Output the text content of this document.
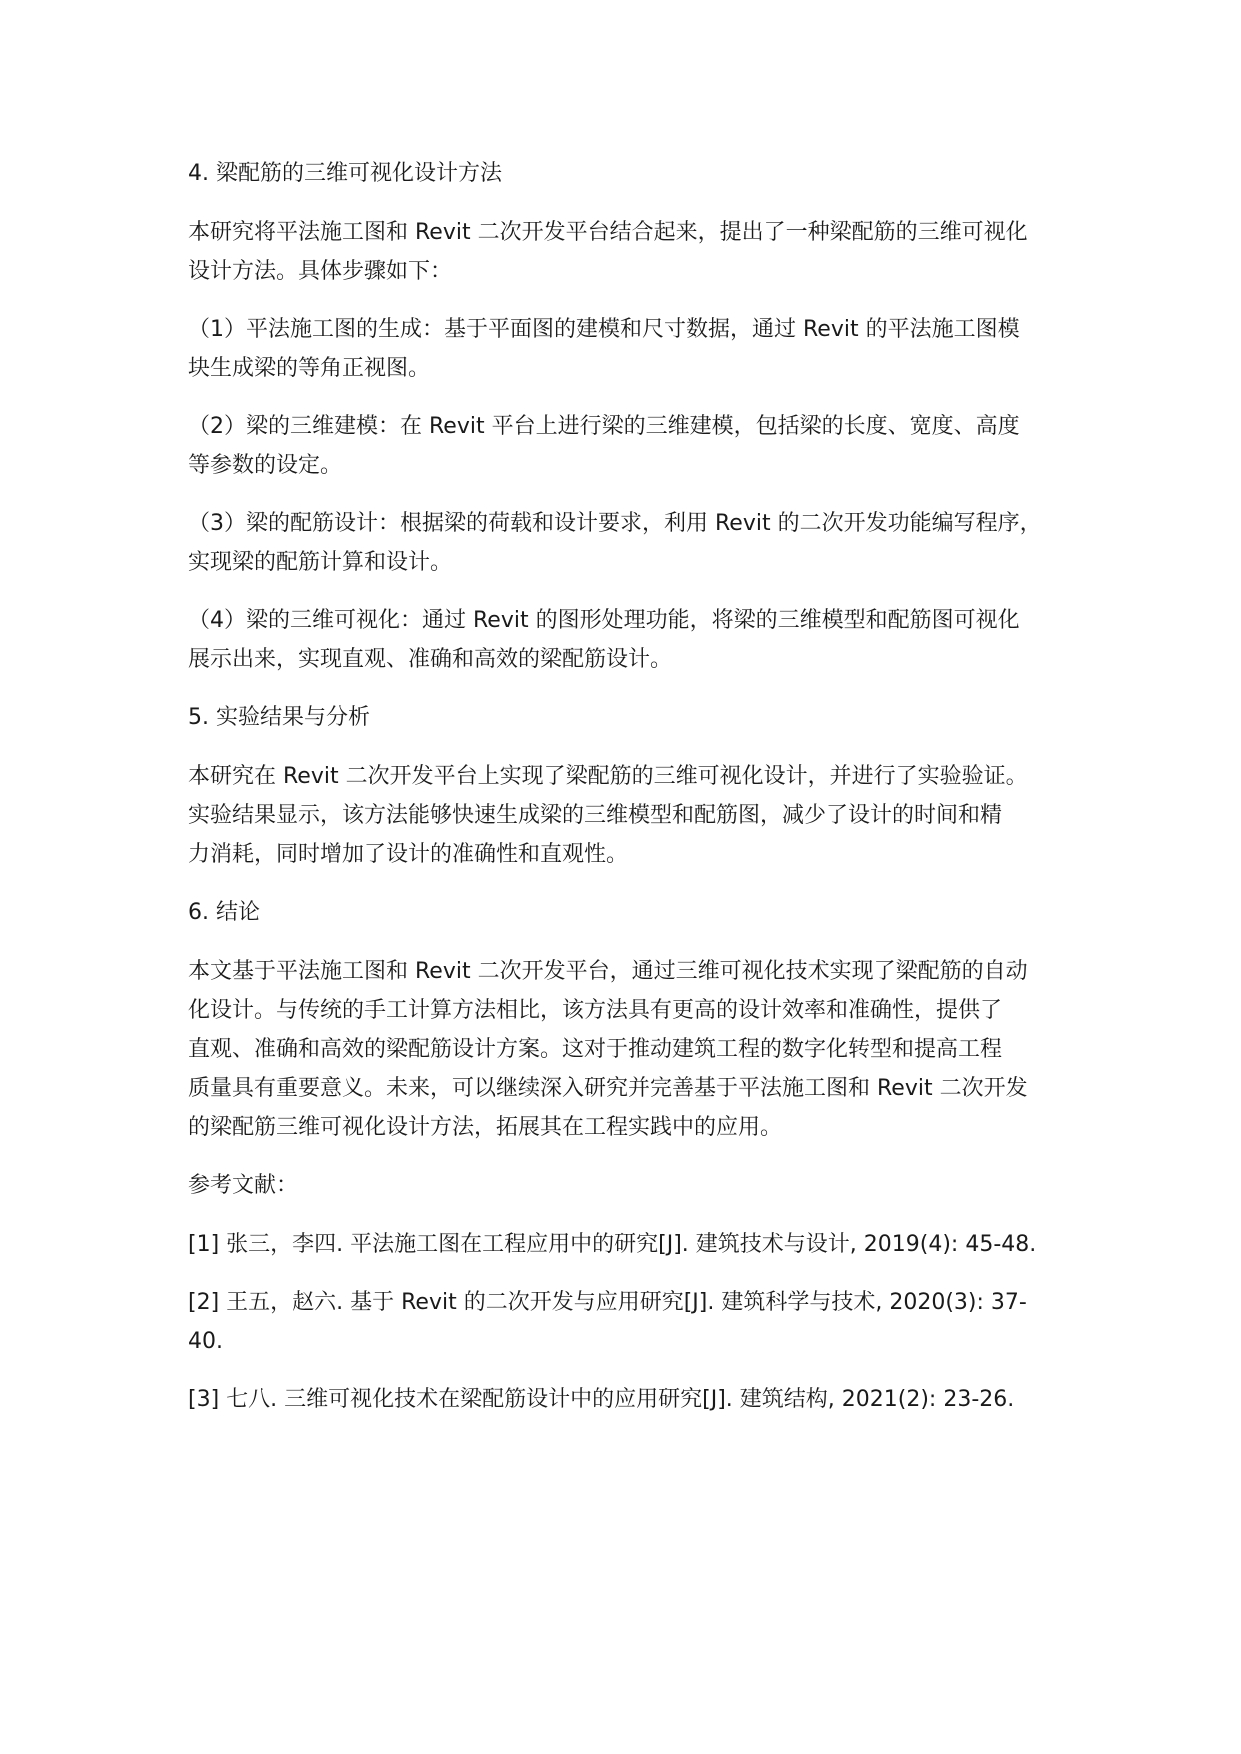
4. 梁配筋的三维可视化设计方法

本研究将平法施工图和 Revit 二次开发平台结合起来，提出了一种梁配筋的三维可视化
设计方法。具体步骤如下：

（1）平法施工图的生成：基于平面图的建模和尺寸数据，通过 Revit 的平法施工图模
块生成梁的等角正视图。

（2）梁的三维建模：在 Revit 平台上进行梁的三维建模，包括梁的长度、宽度、高度
等参数的设定。

（3）梁的配筋设计：根据梁的荷载和设计要求，利用 Revit 的二次开发功能编写程序，
实现梁的配筋计算和设计。

（4）梁的三维可视化：通过 Revit 的图形处理功能，将梁的三维模型和配筋图可视化
展示出来，实现直观、准确和高效的梁配筋设计。

5. 实验结果与分析

本研究在 Revit 二次开发平台上实现了梁配筋的三维可视化设计，并进行了实验验证。
实验结果显示，该方法能够快速生成梁的三维模型和配筋图，减少了设计的时间和精
力消耗，同时增加了设计的准确性和直观性。

6. 结论

本文基于平法施工图和 Revit 二次开发平台，通过三维可视化技术实现了梁配筋的自动
化设计。与传统的手工计算方法相比，该方法具有更高的设计效率和准确性，提供了
直观、准确和高效的梁配筋设计方案。这对于推动建筑工程的数字化转型和提高工程
质量具有重要意义。未来，可以继续深入研究并完善基于平法施工图和 Revit 二次开发
的梁配筋三维可视化设计方法，拓展其在工程实践中的应用。

参考文献：

[1] 张三，李四. 平法施工图在工程应用中的研究[J]. 建筑技术与设计, 2019(4): 45-48.
[2] 王五，赵六. 基于 Revit 的二次开发与应用研究[J]. 建筑科学与技术, 2020(3): 37-
40.
[3] 七八. 三维可视化技术在梁配筋设计中的应用研究[J]. 建筑结构, 2021(2): 23-26.
